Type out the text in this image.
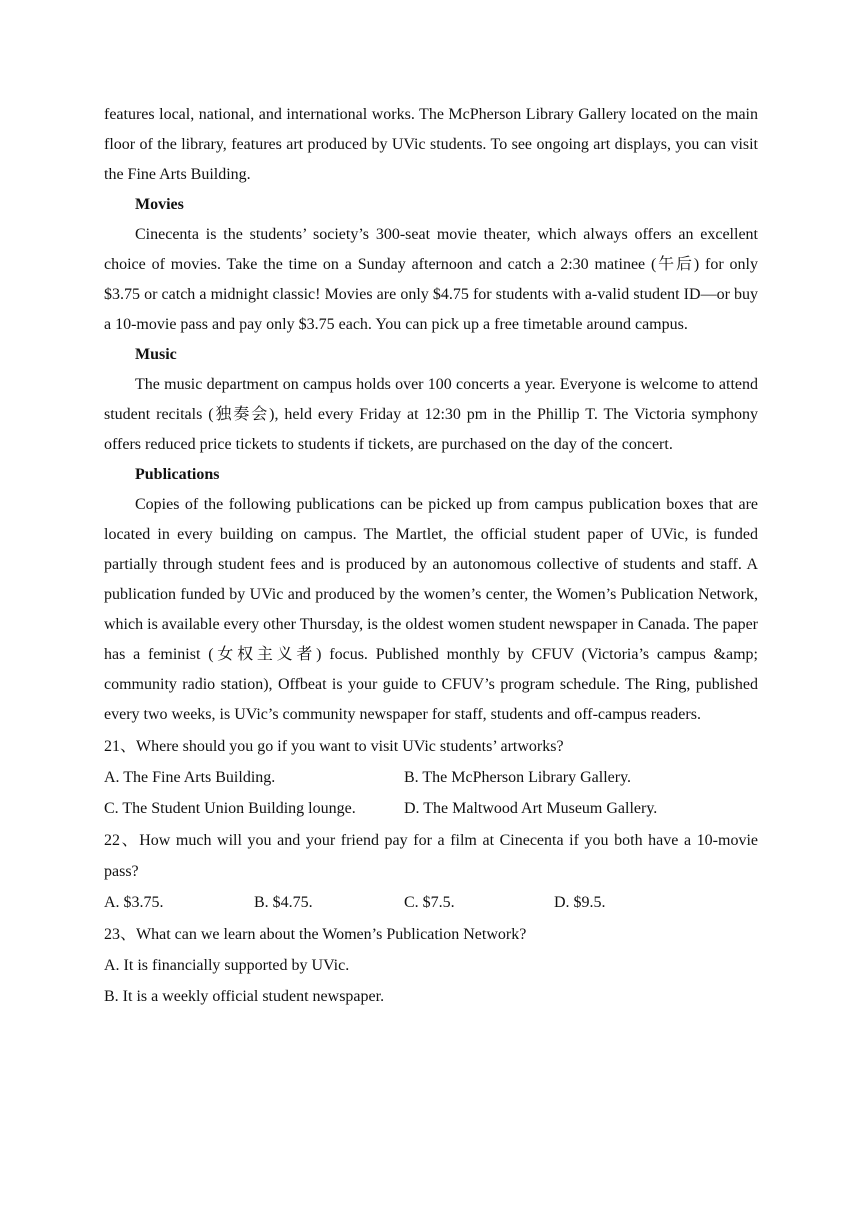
features local, national, and international works. The McPherson Library Gallery located on the main floor of the library, features art produced by UVic students. To see ongoing art displays, you can visit the Fine Arts Building.

Movies

Cinecenta is the students’ society’s 300-seat movie theater, which always offers an excellent choice of movies. Take the time on a Sunday afternoon and catch a 2:30 matinee (午后) for only $3.75 or catch a midnight classic! Movies are only $4.75 for students with a-valid student ID—or buy a 10-movie pass and pay only $3.75 each. You can pick up a free timetable around campus.

Music

The music department on campus holds over 100 concerts a year. Everyone is welcome to attend student recitals (独奏会), held every Friday at 12:30 pm in the Phillip T. The Victoria symphony offers reduced price tickets to students if tickets, are purchased on the day of the concert.

Publications

Copies of the following publications can be picked up from campus publication boxes that are located in every building on campus. The Martlet, the official student paper of UVic, is funded partially through student fees and is produced by an autonomous collective of students and staff. A publication funded by UVic and produced by the women’s center, the Women’s Publication Network, which is available every other Thursday, is the oldest women student newspaper in Canada. The paper has a feminist (女权主义者) focus. Published monthly by CFUV (Victoria’s campus &amp; community radio station), Offbeat is your guide to CFUV’s program schedule. The Ring, published every two weeks, is UVic’s community newspaper for staff, students and off-campus readers.

21、Where should you go if you want to visit UVic students’ artworks?

A. The Fine Arts Building.	B. The McPherson Library Gallery.
C. The Student Union Building lounge.	D. The Maltwood Art Museum Gallery.

22、How much will you and your friend pay for a film at Cinecenta if you both have a 10-movie pass?

A. $3.75.	B. $4.75.	C. $7.5.	D. $9.5.

23、What can we learn about the Women’s Publication Network?

A. It is financially supported by UVic.

B. It is a weekly official student newspaper.
